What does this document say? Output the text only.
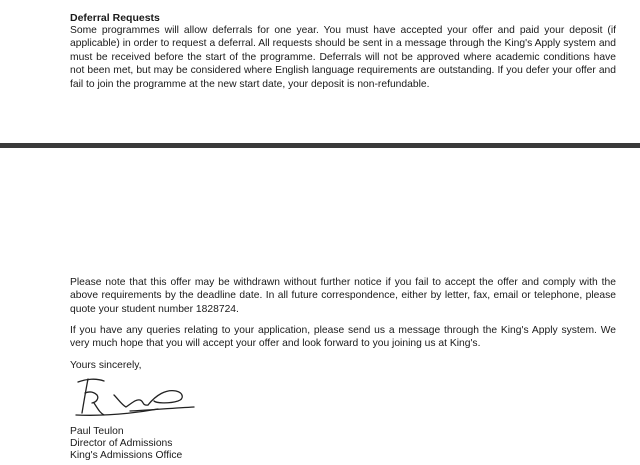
Deferral Requests

Some programmes will allow deferrals for one year. You must have accepted your offer and paid your deposit (if applicable) in order to request a deferral. All requests should be sent in a message through the King's Apply system and must be received before the start of the programme. Deferrals will not be approved where academic conditions have not been met, but may be considered where English language requirements are outstanding. If you defer your offer and fail to join the programme at the new start date, your deposit is non-refundable.

Please note that this offer may be withdrawn without further notice if you fail to accept the offer and comply with the above requirements by the deadline date. In all future correspondence, either by letter, fax, email or telephone, please quote your student number 1828724.

If you have any queries relating to your application, please send us a message through the King's Apply system. We very much hope that you will accept your offer and look forward to you joining us at King's.

Yours sincerely,
Paul Teulon
Director of Admissions
King's Admissions Office
